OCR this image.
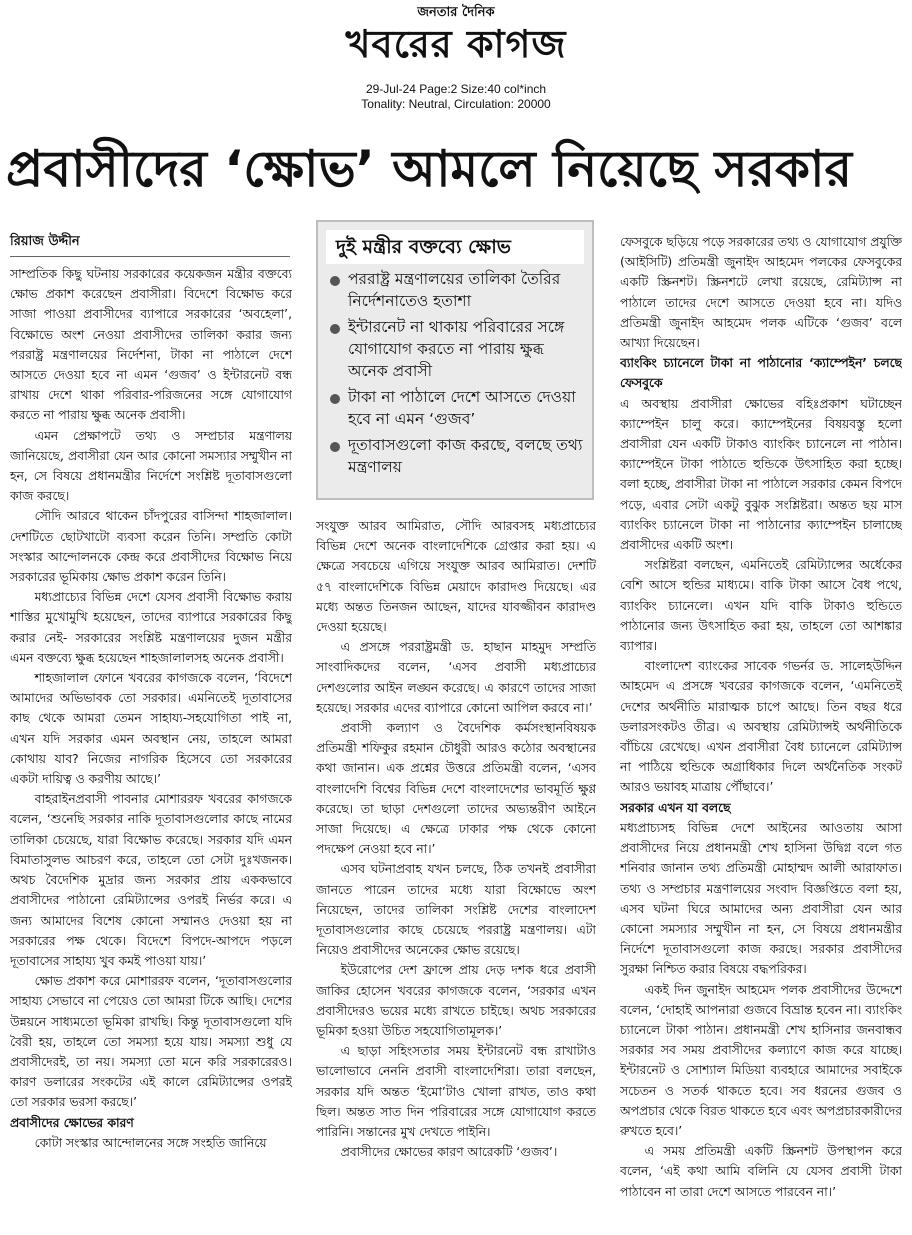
জনতার দৈনিক
খবরের কাগজ
29-Jul-24 Page:2 Size:40 col*inch
Tonality: Neutral, Circulation: 20000
প্রবাসীদের ‘ক্ষোভ’ আমলে নিয়েছে সরকার
রিয়াজ উদ্দীন

সাম্প্রতিক কিছু ঘটনায় সরকারের কয়েকজন মন্ত্রীর বক্তব্যে ক্ষোভ প্রকাশ করেছেন প্রবাসীরা। বিদেশে বিক্ষোভ করে সাজা পাওয়া প্রবাসীদের ব্যাপারে সরকারের ‘অবহেলা’, বিক্ষোভে অংশ নেওয়া প্রবাসীদের তালিকা করার জন্য পররাষ্ট্র মন্ত্রণালয়ের নির্দেশনা, টাকা না পাঠালে দেশে আসতে দেওয়া হবে না এমন ‘গুজব’ ও ইন্টারনেট বন্ধ রাখায় দেশে থাকা পরিবার-পরিজনের সঙ্গে যোগাযোগ করতে না পারায় ক্ষুব্ধ অনেক প্রবাসী।

এমন প্রেক্ষাপটে তথ্য ও সম্প্রচার মন্ত্রণালয় জানিয়েছে, প্রবাসীরা যেন আর কোনো সমস্যার সম্মুখীন না হন, সে বিষয়ে প্রধানমন্ত্রীর নির্দেশে সংশ্লিষ্ট দূতাবাসগুলো কাজ করছে।

সৌদি আরবে থাকেন চাঁদপুরের বাসিন্দা শাহজালাল। দেশটিতে ছোটখাটো ব্যবসা করেন তিনি। সম্প্রতি কোটা সংস্কার আন্দোলনকে কেন্দ্র করে প্রবাসীদের বিক্ষোভ নিয়ে সরকারের ভূমিকায় ক্ষোভ প্রকাশ করেন তিনি।

মধ্যপ্রাচ্যের বিভিন্ন দেশে যেসব প্রবাসী বিক্ষোভ করায় শাস্তির মুখোমুখি হয়েছেন, তাদের ব্যাপারে সরকারের কিছু করার নেই- সরকারের সংশ্লিষ্ট মন্ত্রণালয়ের দুজন মন্ত্রীর এমন বক্তব্যে ক্ষুব্ধ হয়েছেন শাহজালালসহ অনেক প্রবাসী।

শাহজালাল ফোনে খবরের কাগজকে বলেন, ‘বিদেশে আমাদের অভিভাবক তো সরকার। এমনিতেই দূতাবাসের কাছ থেকে আমরা তেমন সাহায্য-সহযোগিতা পাই না, এখন যদি সরকার এমন অবস্থান নেয়, তাহলে আমরা কোথায় যাব? নিজের নাগরিক হিসেবে তো সরকারের একটা দায়িত্ব ও করণীয় আছে।’

বাহরাইনপ্রবাসী পাবনার মোশাররফ খবরের কাগজকে বলেন, ‘শুনেছি সরকার নাকি দূতাবাসগুলোর কাছে নামের তালিকা চেয়েছে, যারা বিক্ষোভ করেছে। সরকার যদি এমন বিমাতাসুলভ আচরণ করে, তাহলে তো সেটা দুঃখজনক। অথচ বৈদেশিক মুদ্রার জন্য সরকার প্রায় এককভাবে প্রবাসীদের পাঠানো রেমিট্যান্সের ওপরই নির্ভর করে। এ জন্য আমাদের বিশেষ কোনো সম্মানও দেওয়া হয় না সরকারের পক্ষ থেকে। বিদেশে বিপদে-আপদে পড়লে দূতাবাসের সাহায্য খুব কমই পাওয়া যায়।’

ক্ষোভ প্রকাশ করে মোশাররফ বলেন, ‘দূতাবাসগুলোর সাহায্য সেভাবে না পেয়েও তো আমরা টিকে আছি। দেশের উন্নয়নে সাধ্যমতো ভূমিকা রাখছি। কিন্তু দূতাবাসগুলো যদি বৈরী হয়, তাহলে তো সমস্যা হয়ে যায়। সমস্যা শুধু যে প্রবাসীদেরই, তা নয়। সমস্যা তো মনে করি সরকারেরও। কারণ ডলারের সংকটের এই কালে রেমিট্যান্সের ওপরই তো সরকার ভরসা করছে।’

প্রবাসীদের ক্ষোভের কারণ

কোটা সংস্কার আন্দোলনের সঙ্গে সংহতি জানিয়ে

দুই মন্ত্রীর বক্তব্যে ক্ষোভ
পররাষ্ট্র মন্ত্রণালয়ের তালিকা তৈরির নির্দেশনাতেও হতাশা
ইন্টারনেট না থাকায় পরিবারের সঙ্গে যোগাযোগ করতে না পারায় ক্ষুব্ধ অনেক প্রবাসী
টাকা না পাঠালে দেশে আসতে দেওয়া হবে না এমন ‘গুজব’
দূতাবাসগুলো কাজ করছে, বলছে তথ্য মন্ত্রণালয়

সংযুক্ত আরব আমিরাত, সৌদি আরবসহ মধ্যপ্রাচ্যের বিভিন্ন দেশে অনেক বাংলাদেশিকে গ্রেপ্তার করা হয়। এ ক্ষেত্রে সবচেয়ে এগিয়ে সংযুক্ত আরব আমিরাত। দেশটি ৫৭ বাংলাদেশিকে বিভিন্ন মেয়াদে কারাদণ্ড দিয়েছে। এর মধ্যে অন্তত তিনজন আছেন, যাদের যাবজ্জীবন কারাদণ্ড দেওয়া হয়েছে।

এ প্রসঙ্গে পররাষ্ট্রমন্ত্রী ড. হাছান মাহমুদ সম্প্রতি সাংবাদিকদের বলেন, ‘এসব প্রবাসী মধ্যপ্রাচ্যের দেশগুলোর আইন লঙ্ঘন করেছে। এ কারণে তাদের সাজা হয়েছে। সরকার এদের ব্যাপারে কোনো আপিল করবে না।’

প্রবাসী কল্যাণ ও বৈদেশিক কর্মসংস্থানবিষয়ক প্রতিমন্ত্রী শফিকুর রহমান চৌধুরী আরও কঠোর অবস্থানের কথা জানান। এক প্রশ্নের উত্তরে প্রতিমন্ত্রী বলেন, ‘এসব বাংলাদেশি বিশ্বের বিভিন্ন দেশে বাংলাদেশের ভাবমূর্তি ক্ষুণ্ণ করেছে। তা ছাড়া দেশগুলো তাদের অভ্যন্তরীণ আইনে সাজা দিয়েছে। এ ক্ষেত্রে ঢাকার পক্ষ থেকে কোনো পদক্ষেপ নেওয়া হবে না।’

এসব ঘটনাপ্রবাহ যখন চলছে, ঠিক তখনই প্রবাসীরা জানতে পারেন তাদের মধ্যে যারা বিক্ষোভে অংশ নিয়েছেন, তাদের তালিকা সংশ্লিষ্ট দেশের বাংলাদেশ দূতাবাসগুলোর কাছে চেয়েছে পররাষ্ট্র মন্ত্রণালয়। এটা নিয়েও প্রবাসীদের অনেকের ক্ষোভ রয়েছে।

ইউরোপের দেশ ফ্রান্সে প্রায় দেড় দশক ধরে প্রবাসী জাকির হোসেন খবরের কাগজকে বলেন, ‘সরকার এখন প্রবাসীদেরও ভয়ের মধ্যে রাখতে চাইছে। অথচ সরকারের ভূমিকা হওয়া উচিত সহযোগিতামূলক।’

এ ছাড়া সহিংসতার সময় ইন্টারনেট বন্ধ রাখাটাও ভালোভাবে নেননি প্রবাসী বাংলাদেশিরা। তারা বলছেন, সরকার যদি অন্তত ‘ইমো’টাও খোলা রাখত, তাও কথা ছিল। অন্তত সাত দিন পরিবারের সঙ্গে যোগাযোগ করতে পারিনি। সন্তানের মুখ দেখতে পাইনি।

প্রবাসীদের ক্ষোভের কারণ আরেকটি ‘গুজব’।

ফেসবুকে ছড়িয়ে পড়ে সরকারের তথ্য ও যোগাযোগ প্রযুক্তি (আইসিটি) প্রতিমন্ত্রী জুনাইদ আহমেদ পলকের ফেসবুকের একটি স্ক্রিনশট। স্ক্রিনশটে লেখা রয়েছে, রেমিট্যান্স না পাঠালে তাদের দেশে আসতে দেওয়া হবে না। যদিও প্রতিমন্ত্রী জুনাইদ আহমেদ পলক এটিকে ‘গুজব’ বলে আখ্যা দিয়েছেন।

ব্যাংকিং চ্যানেলে টাকা না পাঠানোর ‘ক্যাম্পেইন’ চলছে ফেসবুকে

এ অবস্থায় প্রবাসীরা ক্ষোভের বহিঃপ্রকাশ ঘটাচ্ছেন ক্যাম্পেইন চালু করে। ক্যাম্পেইনের বিষয়বস্তু হলো প্রবাসীরা যেন একটি টাকাও ব্যাংকিং চ্যানেলে না পাঠান। ক্যাম্পেইনে টাকা পাঠাতে হুন্ডিকে উৎসাহিত করা হচ্ছে। বলা হচ্ছে, প্রবাসীরা টাকা না পাঠালে সরকার কেমন বিপদে পড়ে, এবার সেটা একটু বুঝুক সংশ্লিষ্টরা। অন্তত ছয় মাস ব্যাংকিং চ্যানেলে টাকা না পাঠানোর ক্যাম্পেইন চালাচ্ছে প্রবাসীদের একটি অংশ।

সংশ্লিষ্টরা বলছেন, এমনিতেই রেমিট্যান্সের অর্ধেকের বেশি আসে হুন্ডির মাধ্যমে। বাকি টাকা আসে বৈধ পথে, ব্যাংকিং চ্যানেলে। এখন যদি বাকি টাকাও হুন্ডিতে পাঠানোর জন্য উৎসাহিত করা হয়, তাহলে তো আশঙ্কার ব্যাপার।

বাংলাদেশ ব্যাংকের সাবেক গভর্নর ড. সালেহউদ্দিন আহমেদ এ প্রসঙ্গে খবরের কাগজকে বলেন, ‘এমনিতেই দেশের অর্থনীতি মারাত্মক চাপে আছে। তিন বছর ধরে ডলারসংকটও তীব্র। এ অবস্থায় রেমিট্যান্সই অর্থনীতিকে বাঁচিয়ে রেখেছে। এখন প্রবাসীরা বৈধ চ্যানেলে রেমিট্যান্স না পাঠিয়ে হুন্ডিকে অগ্রাধিকার দিলে অর্থনৈতিক সংকট আরও ভয়াবহ মাত্রায় পৌঁছাবে।’

সরকার এখন যা বলছে

মধ্যপ্রাচ্যসহ বিভিন্ন দেশে আইনের আওতায় আসা প্রবাসীদের নিয়ে প্রধানমন্ত্রী শেখ হাসিনা উদ্বিগ্ন বলে গত শনিবার জানান তথ্য প্রতিমন্ত্রী মোহাম্মদ আলী আরাফাত। তথ্য ও সম্প্রচার মন্ত্রণালয়ের সংবাদ বিজ্ঞপ্তিতে বলা হয়, এসব ঘটনা ঘিরে আমাদের অন্য প্রবাসীরা যেন আর কোনো সমস্যার সম্মুখীন না হন, সে বিষয়ে প্রধানমন্ত্রীর নির্দেশে দূতাবাসগুলো কাজ করছে। সরকার প্রবাসীদের সুরক্ষা নিশ্চিত করার বিষয়ে বদ্ধপরিকর।

একই দিন জুনাইদ আহমেদ পলক প্রবাসীদের উদ্দেশে বলেন, ‘দোহাই আপনারা গুজবে বিভ্রান্ত হবেন না। ব্যাংকিং চ্যানেলে টাকা পাঠান। প্রধানমন্ত্রী শেখ হাসিনার জনবান্ধব সরকার সব সময় প্রবাসীদের কল্যাণে কাজ করে যাচ্ছে। ইন্টারনেট ও সোশ্যাল মিডিয়া ব্যবহারে আমাদের সবাইকে সচেতন ও সতর্ক থাকতে হবে। সব ধরনের গুজব ও অপপ্রচার থেকে বিরত থাকতে হবে এবং অপপ্রচারকারীদের রুখতে হবে।’

এ সময় প্রতিমন্ত্রী একটি স্ক্রিনশট উপস্থাপন করে বলেন, ‘এই কথা আমি বলিনি যে যেসব প্রবাসী টাকা পাঠাবেন না তারা দেশে আসতে পারবেন না।’
